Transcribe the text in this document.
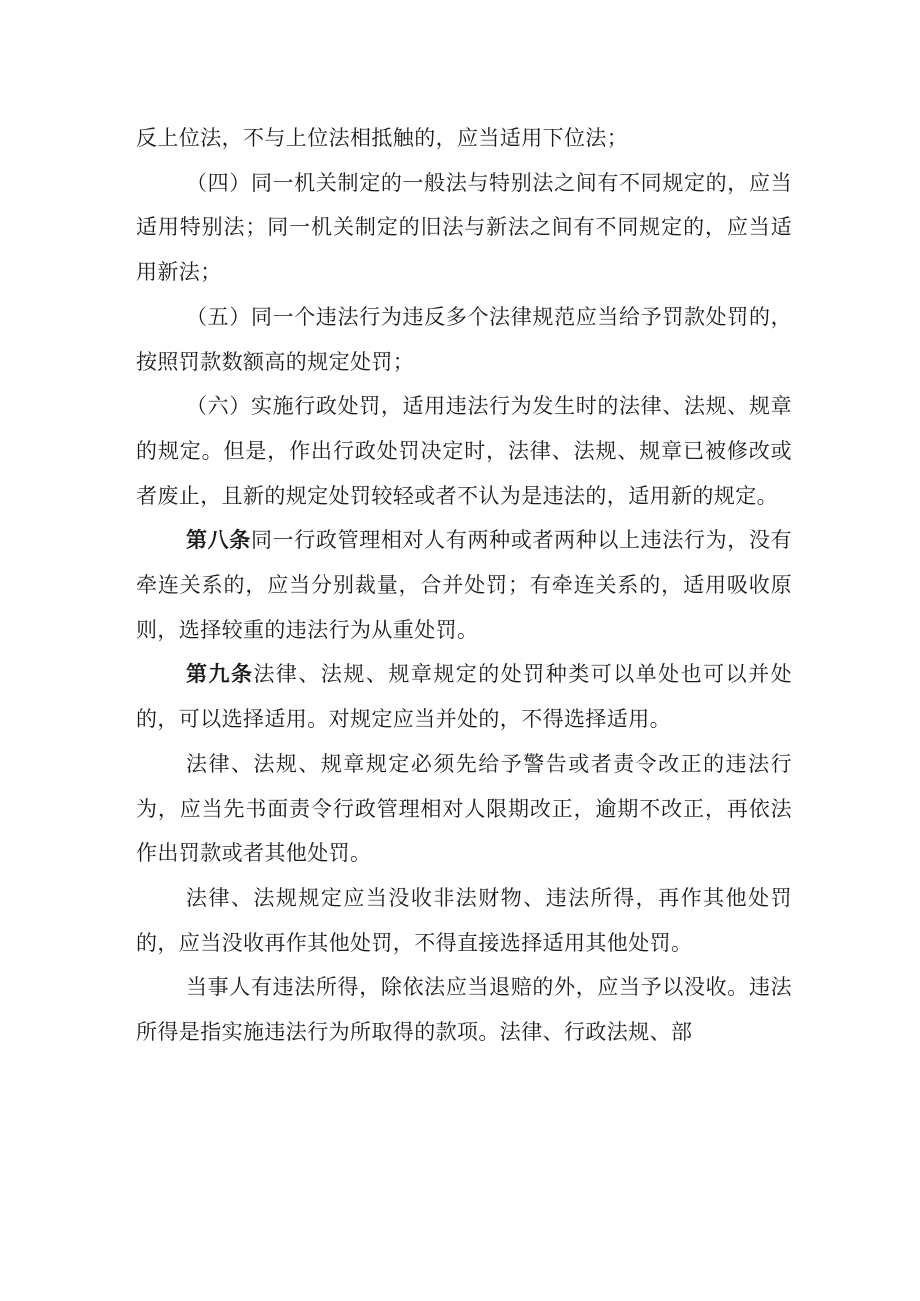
反上位法，不与上位法相抵触的，应当适用下位法；

（四）同一机关制定的一般法与特别法之间有不同规定的，应当适用特别法；同一机关制定的旧法与新法之间有不同规定的，应当适用新法；

（五）同一个违法行为违反多个法律规范应当给予罚款处罚的，按照罚款数额高的规定处罚；

（六）实施行政处罚，适用违法行为发生时的法律、法规、规章的规定。但是，作出行政处罚决定时，法律、法规、规章已被修改或者废止，且新的规定处罚较轻或者不认为是违法的，适用新的规定。

第八条同一行政管理相对人有两种或者两种以上违法行为，没有牵连关系的，应当分别裁量，合并处罚；有牵连关系的，适用吸收原则，选择较重的违法行为从重处罚。

第九条法律、法规、规章规定的处罚种类可以单处也可以并处的，可以选择适用。对规定应当并处的，不得选择适用。

法律、法规、规章规定必须先给予警告或者责令改正的违法行为，应当先书面责令行政管理相对人限期改正，逾期不改正，再依法作出罚款或者其他处罚。

法律、法规规定应当没收非法财物、违法所得，再作其他处罚的，应当没收再作其他处罚，不得直接选择适用其他处罚。

当事人有违法所得，除依法应当退赔的外，应当予以没收。违法所得是指实施违法行为所取得的款项。法律、行政法规、部
